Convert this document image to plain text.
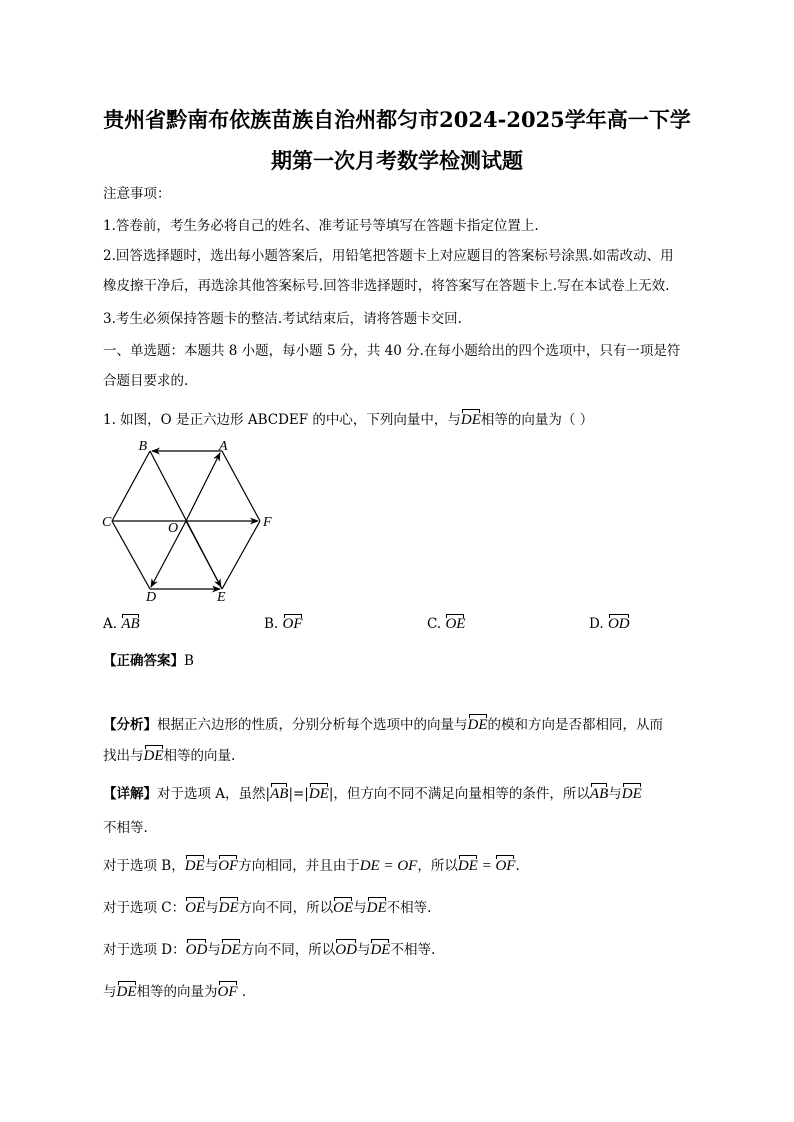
贵州省黔南布依族苗族自治州都匀市2024-2025学年高一下学
期第一次月考数学检测试题
注意事项：
1.答卷前，考生务必将自己的姓名、准考证号等填写在答题卡指定位置上.
2.回答选择题时，选出每小题答案后，用铅笔把答题卡上对应题目的答案标号涂黑.如需改动、用
橡皮擦干净后，再选涂其他答案标号.回答非选择题时，将答案写在答题卡上.写在本试卷上无效.
3.考生必须保持答题卡的整洁.考试结束后，请将答题卡交回.
一、单选题：本题共 8 小题，每小题 5 分，共 40 分.在每小题给出的四个选项中，只有一项是符
合题目要求的.
1. 如图，O 是正六边形 ABCDEF 的中心，下列向量中，与DE相等的向量为（ ）
B	A
C	O	F
D	E
A. AB	B. OF	C. OE	D. OD
【正确答案】B
【分析】根据正六边形的性质，分别分析每个选项中的向量与DE的模和方向是否都相同，从而
找出与DE相等的向量.
【详解】对于选项 A，虽然|AB|=|DE|，但方向不同不满足向量相等的条件，所以AB与DE
不相等.
对于选项 B，DE与OF方向相同，并且由于DE = OF，所以DE = OF.
对于选项 C：OE与DE方向不同，所以OE与DE不相等.
对于选项 D：OD与DE方向不同，所以OD与DE不相等.
与DE相等的向量为OF .
